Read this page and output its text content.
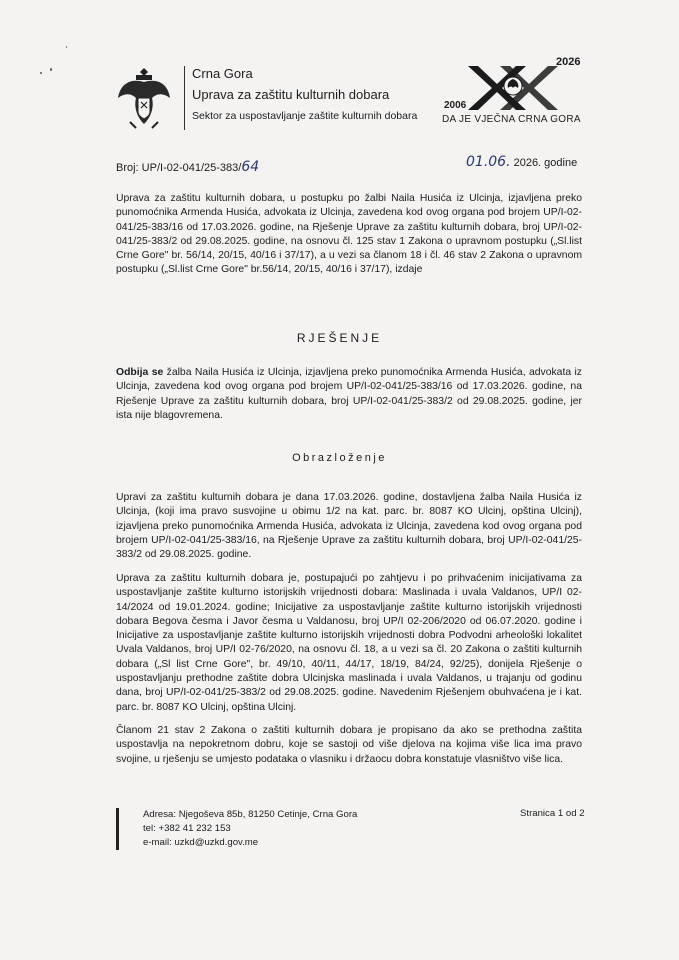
Crna Gora
Uprava za zaštitu kulturnih dobara
Sektor za uspostavljanje zaštite kulturnih dobara
2026
2006
DA JE VJEČNA CRNA GORA
Broj: UP/I-02-041/25-383/64	01.06. 2026. godine
Uprava za zaštitu kulturnih dobara, u postupku po žalbi Naila Husića iz Ulcinja, izjavljena preko punomoćnika Armenda Husića, advokata iz Ulcinja, zavedena kod ovog organa pod brojem UP/I-02-041/25-383/16 od 17.03.2026. godine, na Rješenje Uprave za zaštitu kulturnih dobara, broj UP/I-02-041/25-383/2 od 29.08.2025. godine, na osnovu čl. 125 stav 1 Zakona o upravnom postupku („Sl.list Crne Gore" br. 56/14, 20/15, 40/16 i 37/17), a u vezi sa članom 18 i čl. 46 stav 2 Zakona o upravnom postupku („Sl.list Crne Gore" br.56/14, 20/15, 40/16 i 37/17), izdaje
RJEŠENJE
Odbija se žalba Naila Husića iz Ulcinja, izjavljena preko punomoćnika Armenda Husića, advokata iz Ulcinja, zavedena kod ovog organa pod brojem UP/I-02-041/25-383/16 od 17.03.2026. godine, na Rješenje Uprave za zaštitu kulturnih dobara, broj UP/I-02-041/25-383/2 od 29.08.2025. godine, jer ista nije blagovremena.
Obrazloženje
Upravi za zaštitu kulturnih dobara je dana 17.03.2026. godine, dostavljena žalba Naila Husića iz Ulcinja, (koji ima pravo susvojine u obimu 1/2 na kat. parc. br. 8087 KO Ulcinj, opština Ulcinj), izjavljena preko punomoćnika Armenda Husića, advokata iz Ulcinja, zavedena kod ovog organa pod brojem UP/I-02-041/25-383/16, na Rješenje Uprave za zaštitu kulturnih dobara, broj UP/I-02-041/25-383/2 od 29.08.2025. godine.
Uprava za zaštitu kulturnih dobara je, postupajući po zahtjevu i po prihvaćenim inicijativama za uspostavljanje zaštite kulturno istorijskih vrijednosti dobara: Maslinada i uvala Valdanos, UP/I 02-14/2024 od 19.01.2024. godine; Inicijative za uspostavljanje zaštite kulturno istorijskih vrijednosti dobara Begova česma i Javor česma u Valdanosu, broj UP/I 02-206/2020 od 06.07.2020. godine i Inicijative za uspostavljanje zaštite kulturno istorijskih vrijednosti dobra Podvodni arheološki lokalitet Uvala Valdanos, broj UP/I 02-76/2020, na osnovu čl. 18, a u vezi sa čl. 20 Zakona o zaštiti kulturnih dobara („Sl list Crne Gore", br. 49/10, 40/11, 44/17, 18/19, 84/24, 92/25), donijela Rješenje o uspostavljanju prethodne zaštite dobra Ulcinjska maslinada i uvala Valdanos, u trajanju od godinu dana, broj UP/I-02-041/25-383/2 od 29.08.2025. godine. Navedenim Rješenjem obuhvaćena je i kat. parc. br. 8087 KO Ulcinj, opština Ulcinj.
Članom 21 stav 2 Zakona o zaštiti kulturnih dobara je propisano da ako se prethodna zaštita uspostavlja na nepokretnom dobru, koje se sastoji od više djelova na kojima više lica ima pravo svojine, u rješenju se umjesto podataka o vlasniku i držaocu dobra konstatuje vlasništvo više lica.
Adresa: Njegoševa 85b, 81250 Cetinje, Crna Gora
tel: +382 41 232 153
e-mail: uzkd@uzkd.gov.me
Stranica 1 od 2
